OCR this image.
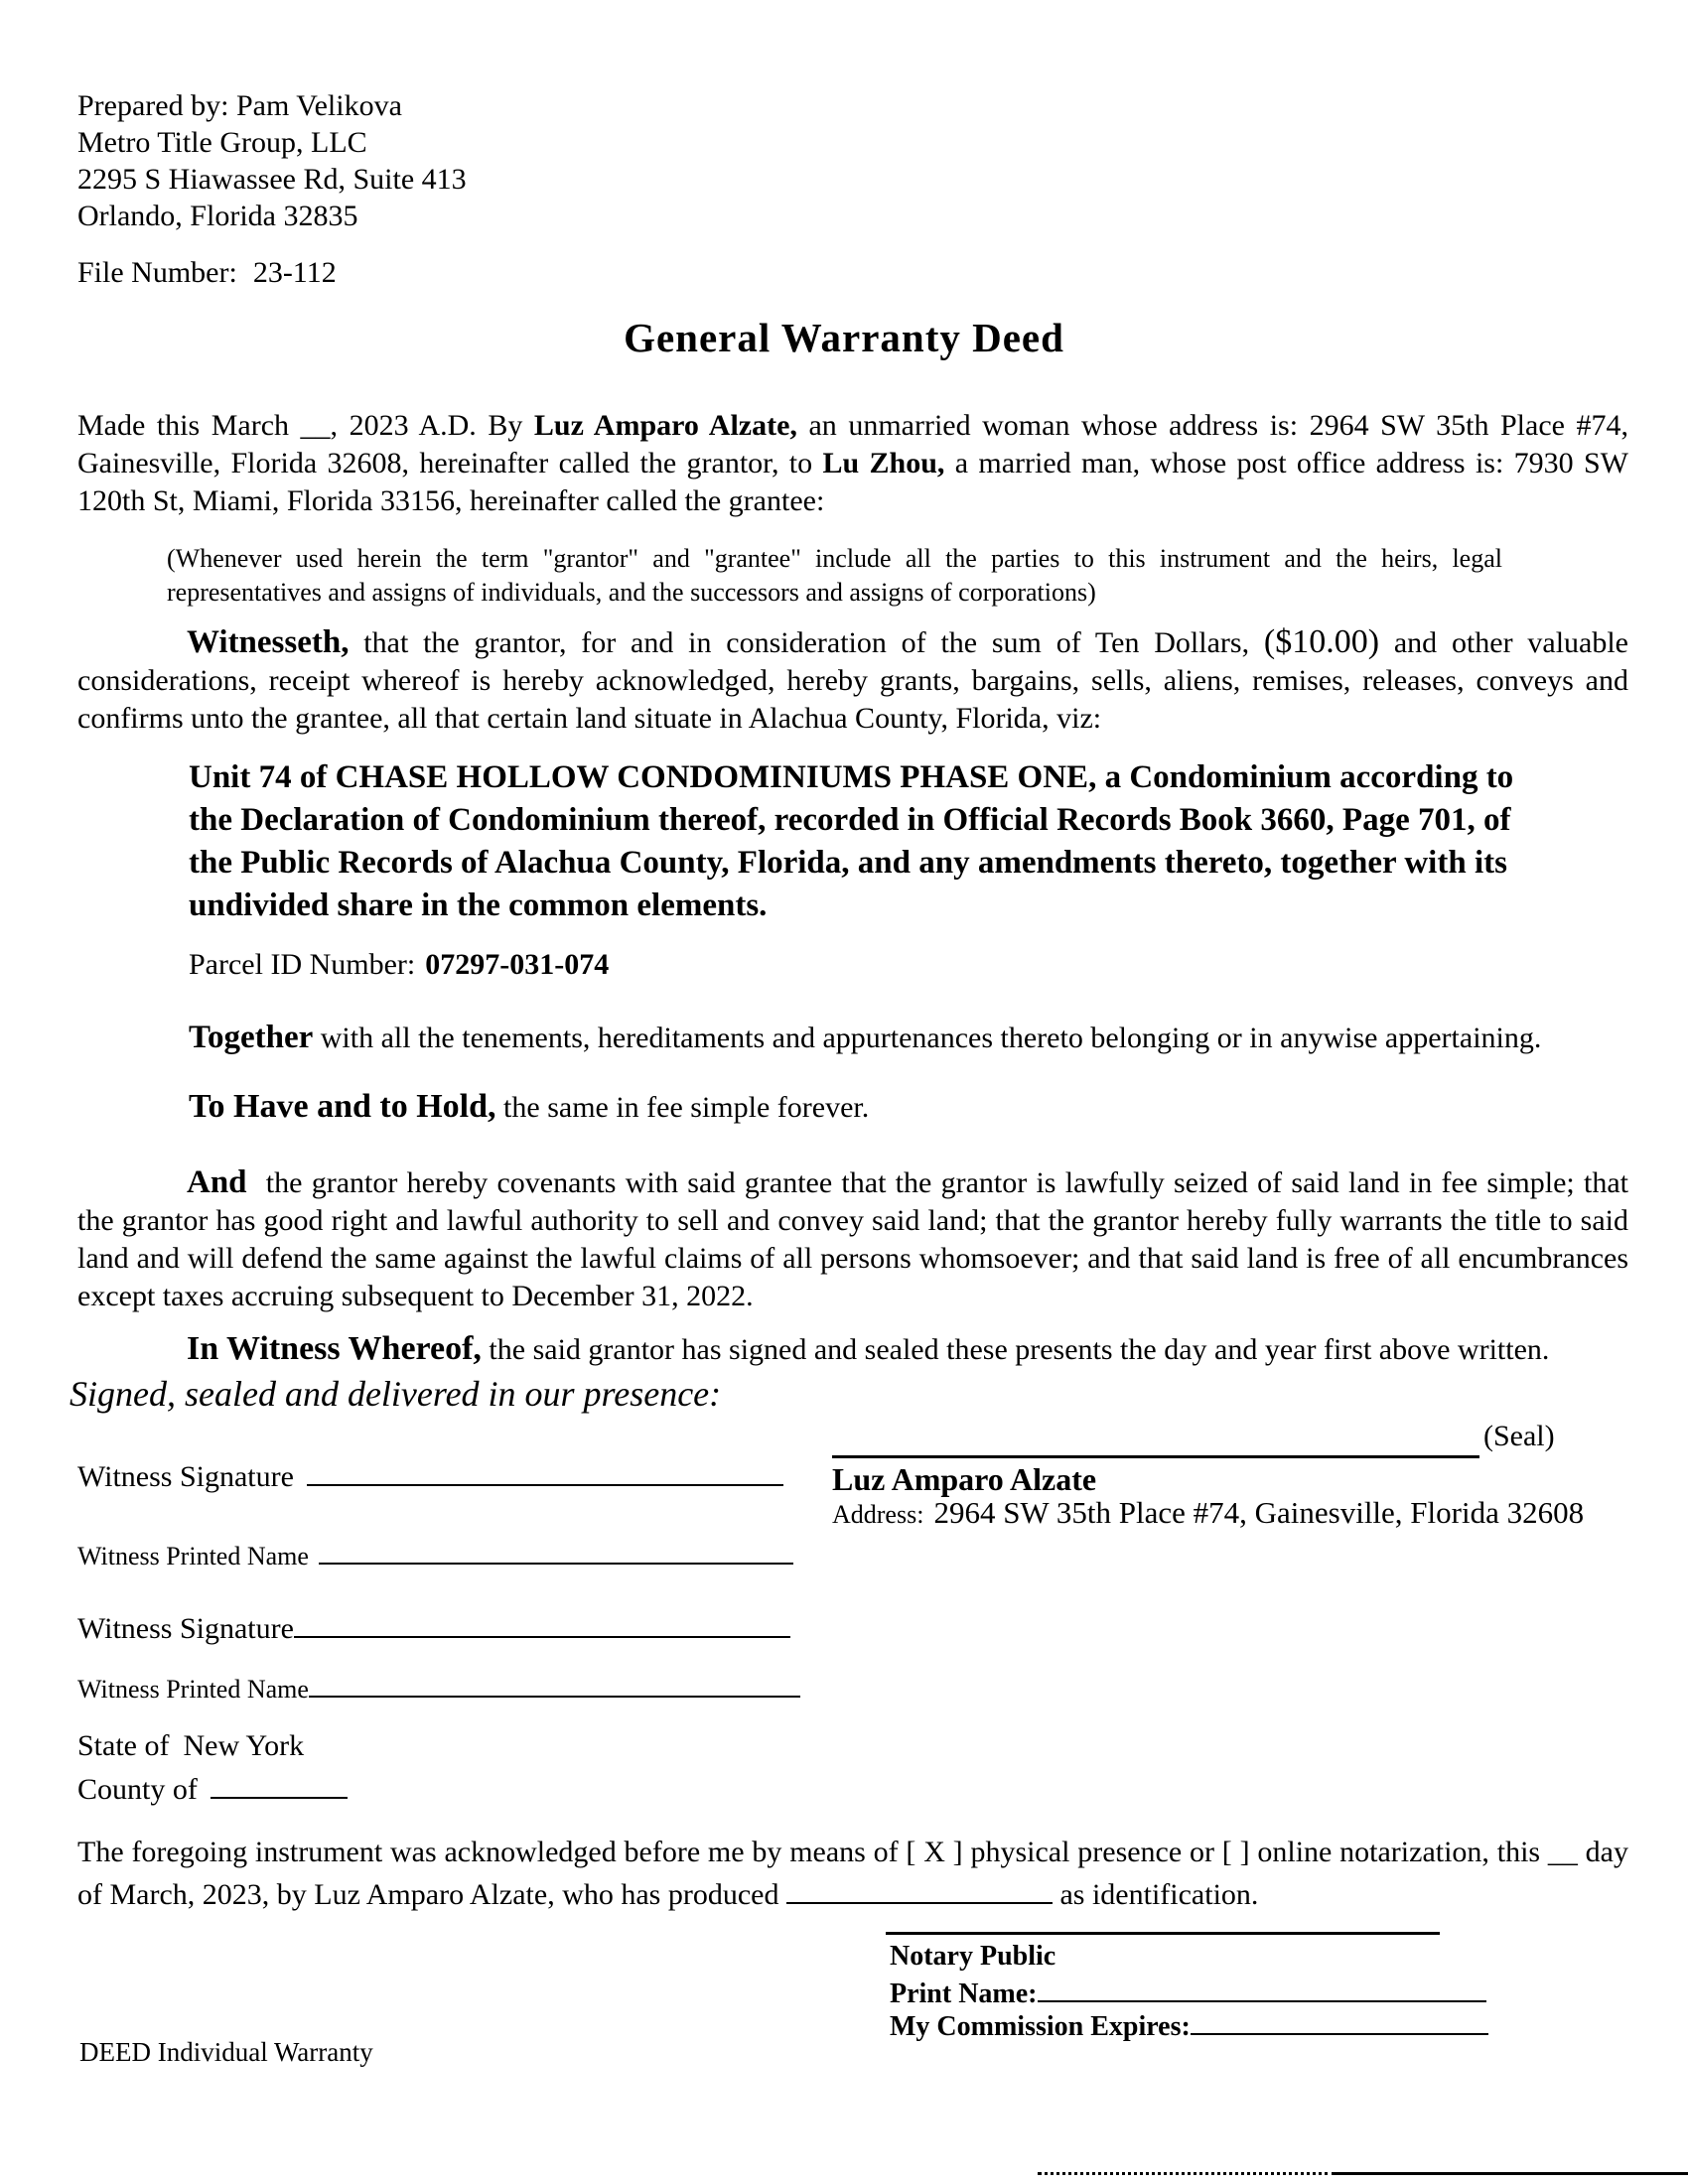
Prepared by: Pam Velikova
Metro Title Group, LLC
2295 S Hiawassee Rd, Suite 413
Orlando, Florida 32835
File Number: 23-112
General Warranty Deed
Made this March __, 2023 A.D. By Luz Amparo Alzate, an unmarried woman whose address is: 2964 SW 35th Place #74, Gainesville, Florida 32608, hereinafter called the grantor, to Lu Zhou, a married man, whose post office address is: 7930 SW 120th St, Miami, Florida 33156, hereinafter called the grantee:
(Whenever used herein the term "grantor" and "grantee" include all the parties to this instrument and the heirs, legal representatives and assigns of individuals, and the successors and assigns of corporations)
Witnesseth, that the grantor, for and in consideration of the sum of Ten Dollars, ($10.00) and other valuable considerations, receipt whereof is hereby acknowledged, hereby grants, bargains, sells, aliens, remises, releases, conveys and confirms unto the grantee, all that certain land situate in Alachua County, Florida, viz:
Unit 74 of CHASE HOLLOW CONDOMINIUMS PHASE ONE, a Condominium according to the Declaration of Condominium thereof, recorded in Official Records Book 3660, Page 701, of the Public Records of Alachua County, Florida, and any amendments thereto, together with its undivided share in the common elements.
Parcel ID Number: 07297-031-074
Together with all the tenements, hereditaments and appurtenances thereto belonging or in anywise appertaining.
To Have and to Hold, the same in fee simple forever.
And the grantor hereby covenants with said grantee that the grantor is lawfully seized of said land in fee simple; that the grantor has good right and lawful authority to sell and convey said land; that the grantor hereby fully warrants the title to said land and will defend the same against the lawful claims of all persons whomsoever; and that said land is free of all encumbrances except taxes accruing subsequent to December 31, 2022.
In Witness Whereof, the said grantor has signed and sealed these presents the day and year first above written.
Signed, sealed and delivered in our presence:
Witness Signature
(Seal)
Luz Amparo Alzate
Address: 2964 SW 35th Place #74, Gainesville, Florida 32608
Witness Printed Name
Witness Signature
Witness Printed Name
State of New York
County of
The foregoing instrument was acknowledged before me by means of [ X ] physical presence or [ ] online notarization, this __ day of March, 2023, by Luz Amparo Alzate, who has produced	as identification.
Notary Public
Print Name:
My Commission Expires:
DEED Individual Warranty
